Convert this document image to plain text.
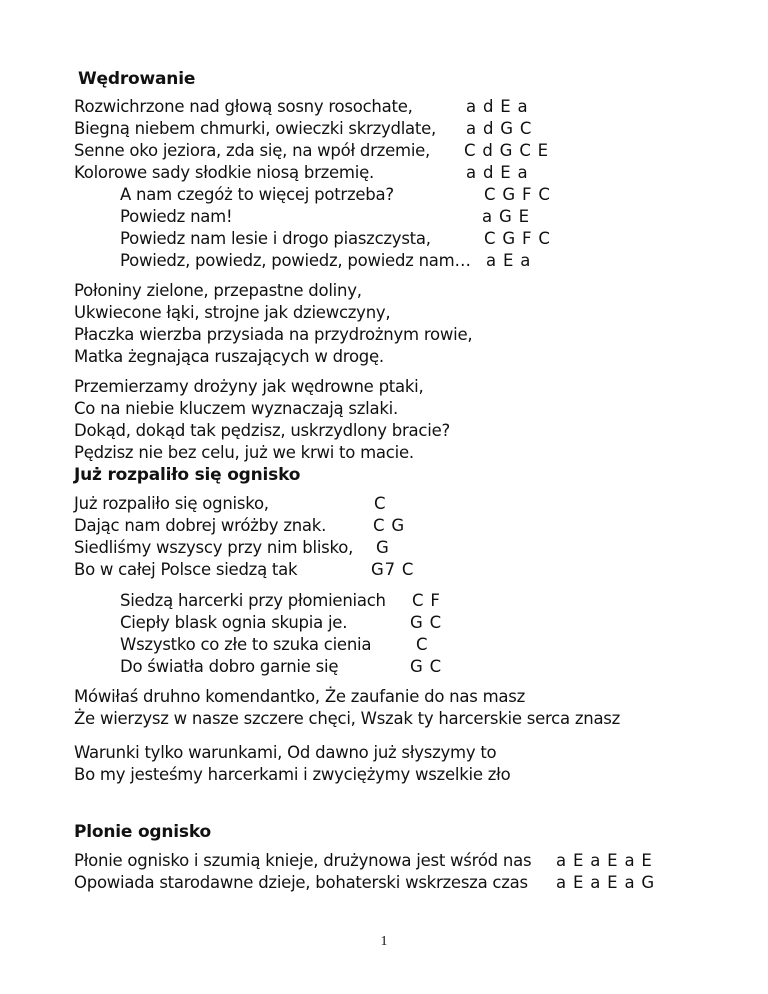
Wędrowanie
Rozwichrzone nad głową sosny rosochate,	a d E a
Biegną niebem chmurki, owieczki skrzydlate, a d G C
Senne oko jeziora, zda się, na wpół drzemie, C d G C E
Kolorowe sady słodkie niosą brzemię.	a d E a
A nam czegóż to więcej potrzeba?	C G F C
Powiedz nam!	a G E
Powiedz nam lesie i drogo piaszczysta,	C G F C
Powiedz, powiedz, powiedz, powiedz nam… a E a
Połoniny zielone, przepastne doliny,
Ukwiecone łąki, strojne jak dziewczyny,
Płaczka wierzba przysiada na przydrożnym rowie,
Matka żegnająca ruszających w drogę.
Przemierzamy drożyny jak wędrowne ptaki,
Co na niebie kluczem wyznaczają szlaki.
Dokąd, dokąd tak pędzisz, uskrzydlony bracie?
Pędzisz nie bez celu, już we krwi to macie.
Już rozpaliło się ognisko
Już rozpaliło się ognisko,	C
Dając nam dobrej wróżby znak.	C G
Siedliśmy wszyscy przy nim blisko, G
Bo w całej Polsce siedzą tak	G7 C
Siedzą harcerki przy płomieniach C F
Ciepły blask ognia skupia je.	G C
Wszystko co złe to szuka cienia	C
Do światła dobro garnie się	G C
Mówiłaś druhno komendantko, Że zaufanie do nas masz
Że wierzysz w nasze szczere chęci, Wszak ty harcerskie serca znasz
Warunki tylko warunkami, Od dawno już słyszymy to
Bo my jesteśmy harcerkami i zwyciężymy wszelkie zło
Plonie ognisko
Płonie ognisko i szumią knieje, drużynowa jest wśród nas a E a E a E
Opowiada starodawne dzieje, bohaterski wskrzesza czas a E a E a G
1
